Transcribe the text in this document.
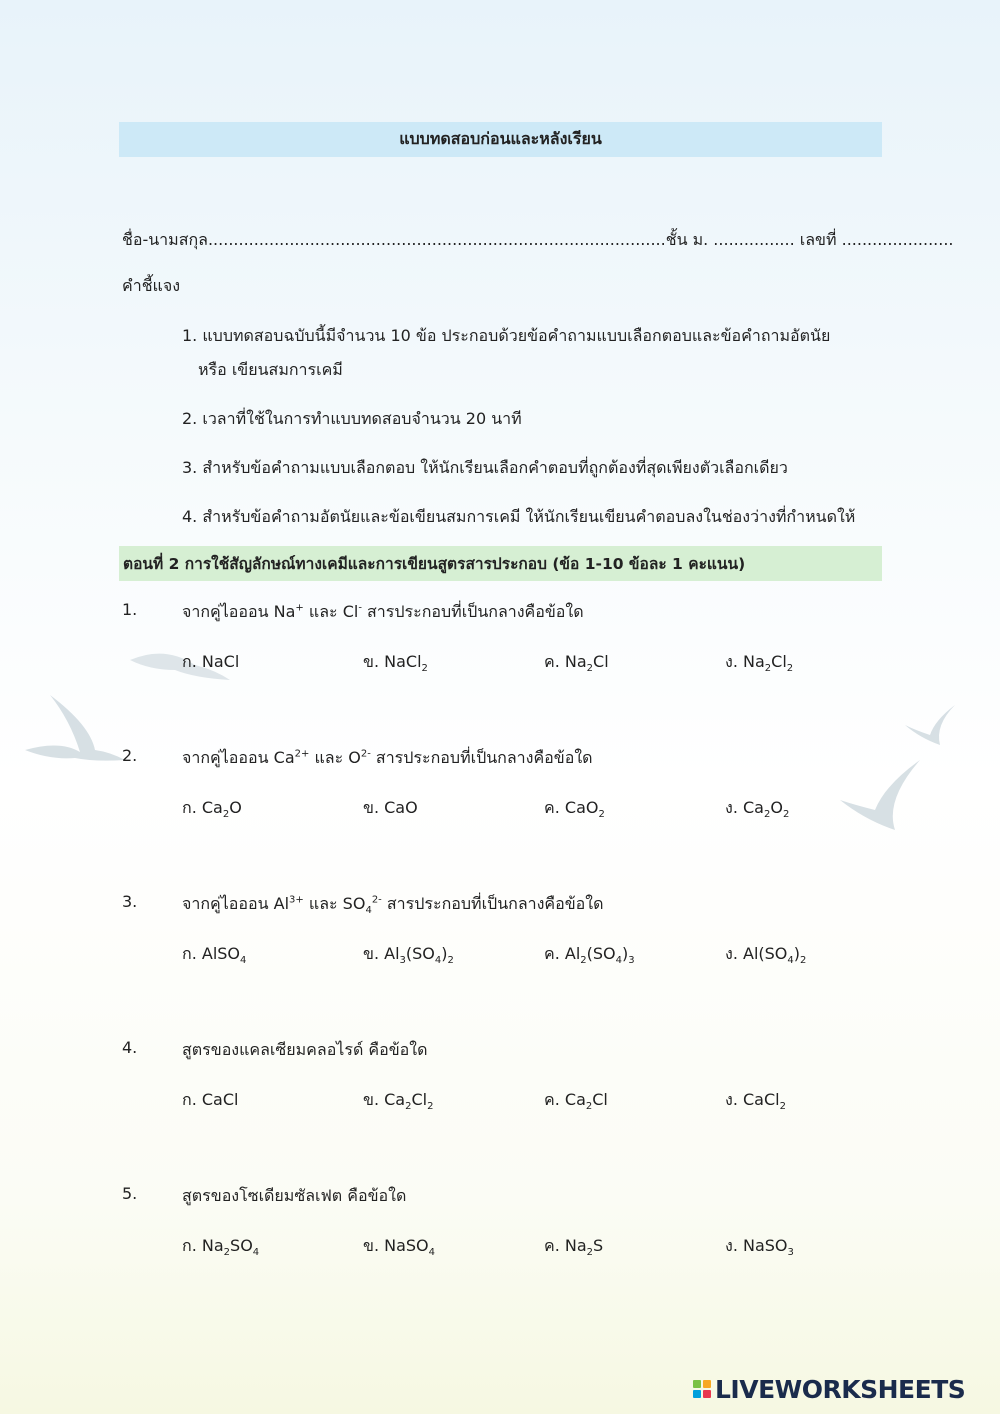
แบบทดสอบก่อนและหลังเรียน
ชื่อ-นามสกุล..........................................................................................ชั้น ม. ................ เลขที่ ......................
คำชี้แจง
1. แบบทดสอบฉบับนี้มีจำนวน 10 ข้อ ประกอบด้วยข้อคำถามแบบเลือกตอบและข้อคำถามอัตนัย
หรือ เขียนสมการเคมี
2. เวลาที่ใช้ในการทำแบบทดสอบจำนวน 20 นาที
3. สำหรับข้อคำถามแบบเลือกตอบ ให้นักเรียนเลือกคำตอบที่ถูกต้องที่สุดเพียงตัวเลือกเดียว
4. สำหรับข้อคำถามอัตนัยและข้อเขียนสมการเคมี ให้นักเรียนเขียนคำตอบลงในช่องว่างที่กำหนดให้
ตอนที่ 2 การใช้สัญลักษณ์ทางเคมีและการเขียนสูตรสารประกอบ (ข้อ 1-10 ข้อละ 1 คะแนน)
1.	จากคู่ไอออน Na+ และ Cl- สารประกอบที่เป็นกลางคือข้อใด
ก. NaCl	ข. NaCl$_2$	ค. $Na_2Cl$	ง. $Na_2Cl_2$
2.	จากคู่ไอออน $Ca^{2+}$ และ $O^{2-}$ สารประกอบที่เป็นกลางคือข้อใด
ก. $Ca_2O$	ข. CaO	ค. CaO$_2$	ง. $Ca_2O_2$
3.	จากคู่ไอออน $Al^{3+}$ และ $SO_4^{2-}$ สารประกอบที่เป็นกลางคือข้อใด
ก. AlSO$_4$	ข. $Al_3(SO_4)_2$	ค. $Al_2(SO_4)_3$	ง. $Al(SO_4)_2$
4.	สูตรของแคลเซียมคลอไรด์ คือข้อใด
ก. CaCl	ข. $Ca_2Cl_2$	ค. $Ca_2Cl$	ง. CaCl$_2$
5.	สูตรของโซเดียมซัลเฟต คือข้อใด
ก. $Na_2SO_4$	ข. NaSO$_4$	ค. $Na_2S$	ง. NaSO$_3$
LIVEWORKSHEETS
